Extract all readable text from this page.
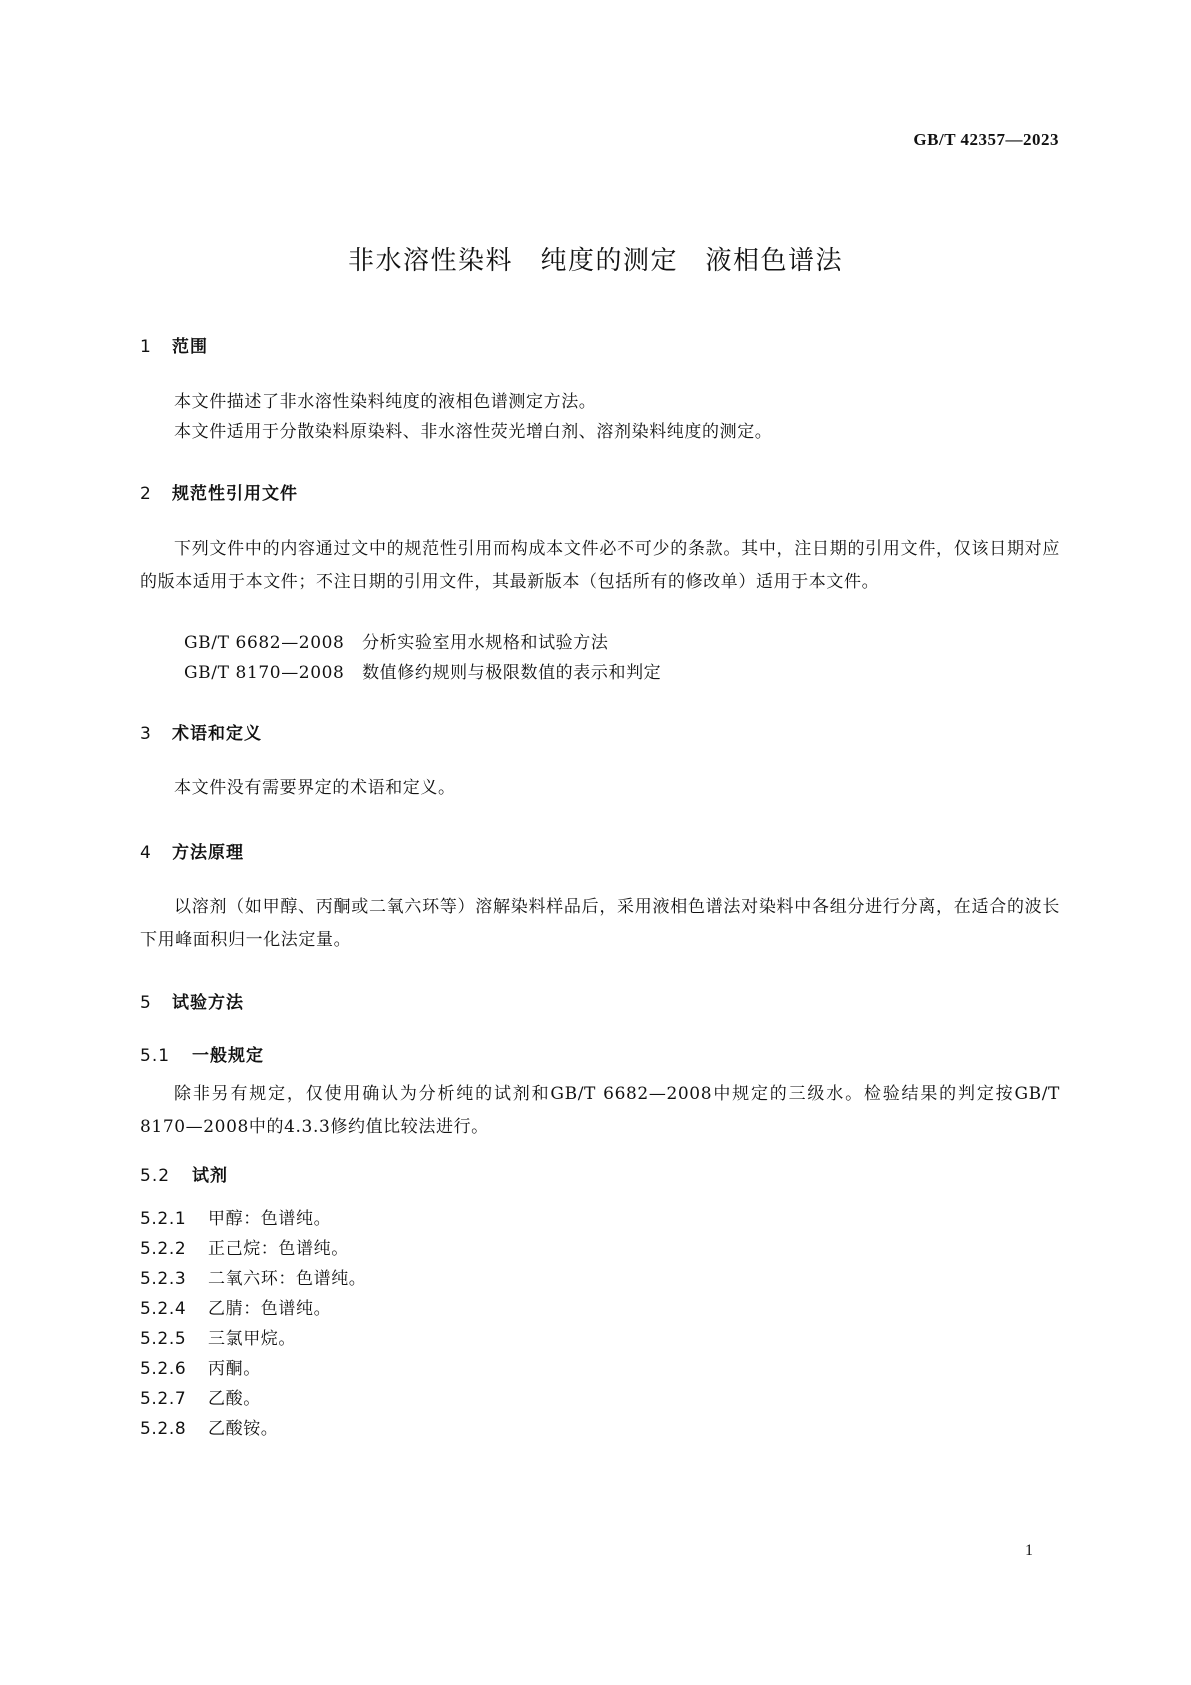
GB/T 42357—2023
非水溶性染料　纯度的测定　液相色谱法
1 范围
本文件描述了非水溶性染料纯度的液相色谱测定方法。
本文件适用于分散染料原染料、非水溶性荧光增白剂、溶剂染料纯度的测定。
2 规范性引用文件
下列文件中的内容通过文中的规范性引用而构成本文件必不可少的条款。其中，注日期的引用文件，仅该日期对应的版本适用于本文件；不注日期的引用文件，其最新版本（包括所有的修改单）适用于本文件。
GB/T 6682—2008　分析实验室用水规格和试验方法
GB/T 8170—2008　数值修约规则与极限数值的表示和判定
3 术语和定义
本文件没有需要界定的术语和定义。
4 方法原理
以溶剂（如甲醇、丙酮或二氧六环等）溶解染料样品后，采用液相色谱法对染料中各组分进行分离，在适合的波长下用峰面积归一化法定量。
5 试验方法
5.1 一般规定
除非另有规定，仅使用确认为分析纯的试剂和GB/T 6682—2008中规定的三级水。检验结果的判定按GB/T 8170—2008中的4.3.3修约值比较法进行。
5.2 试剂
5.2.1 甲醇：色谱纯。
5.2.2 正己烷：色谱纯。
5.2.3 二氧六环：色谱纯。
5.2.4 乙腈：色谱纯。
5.2.5 三氯甲烷。
5.2.6 丙酮。
5.2.7 乙酸。
5.2.8 乙酸铵。
1
